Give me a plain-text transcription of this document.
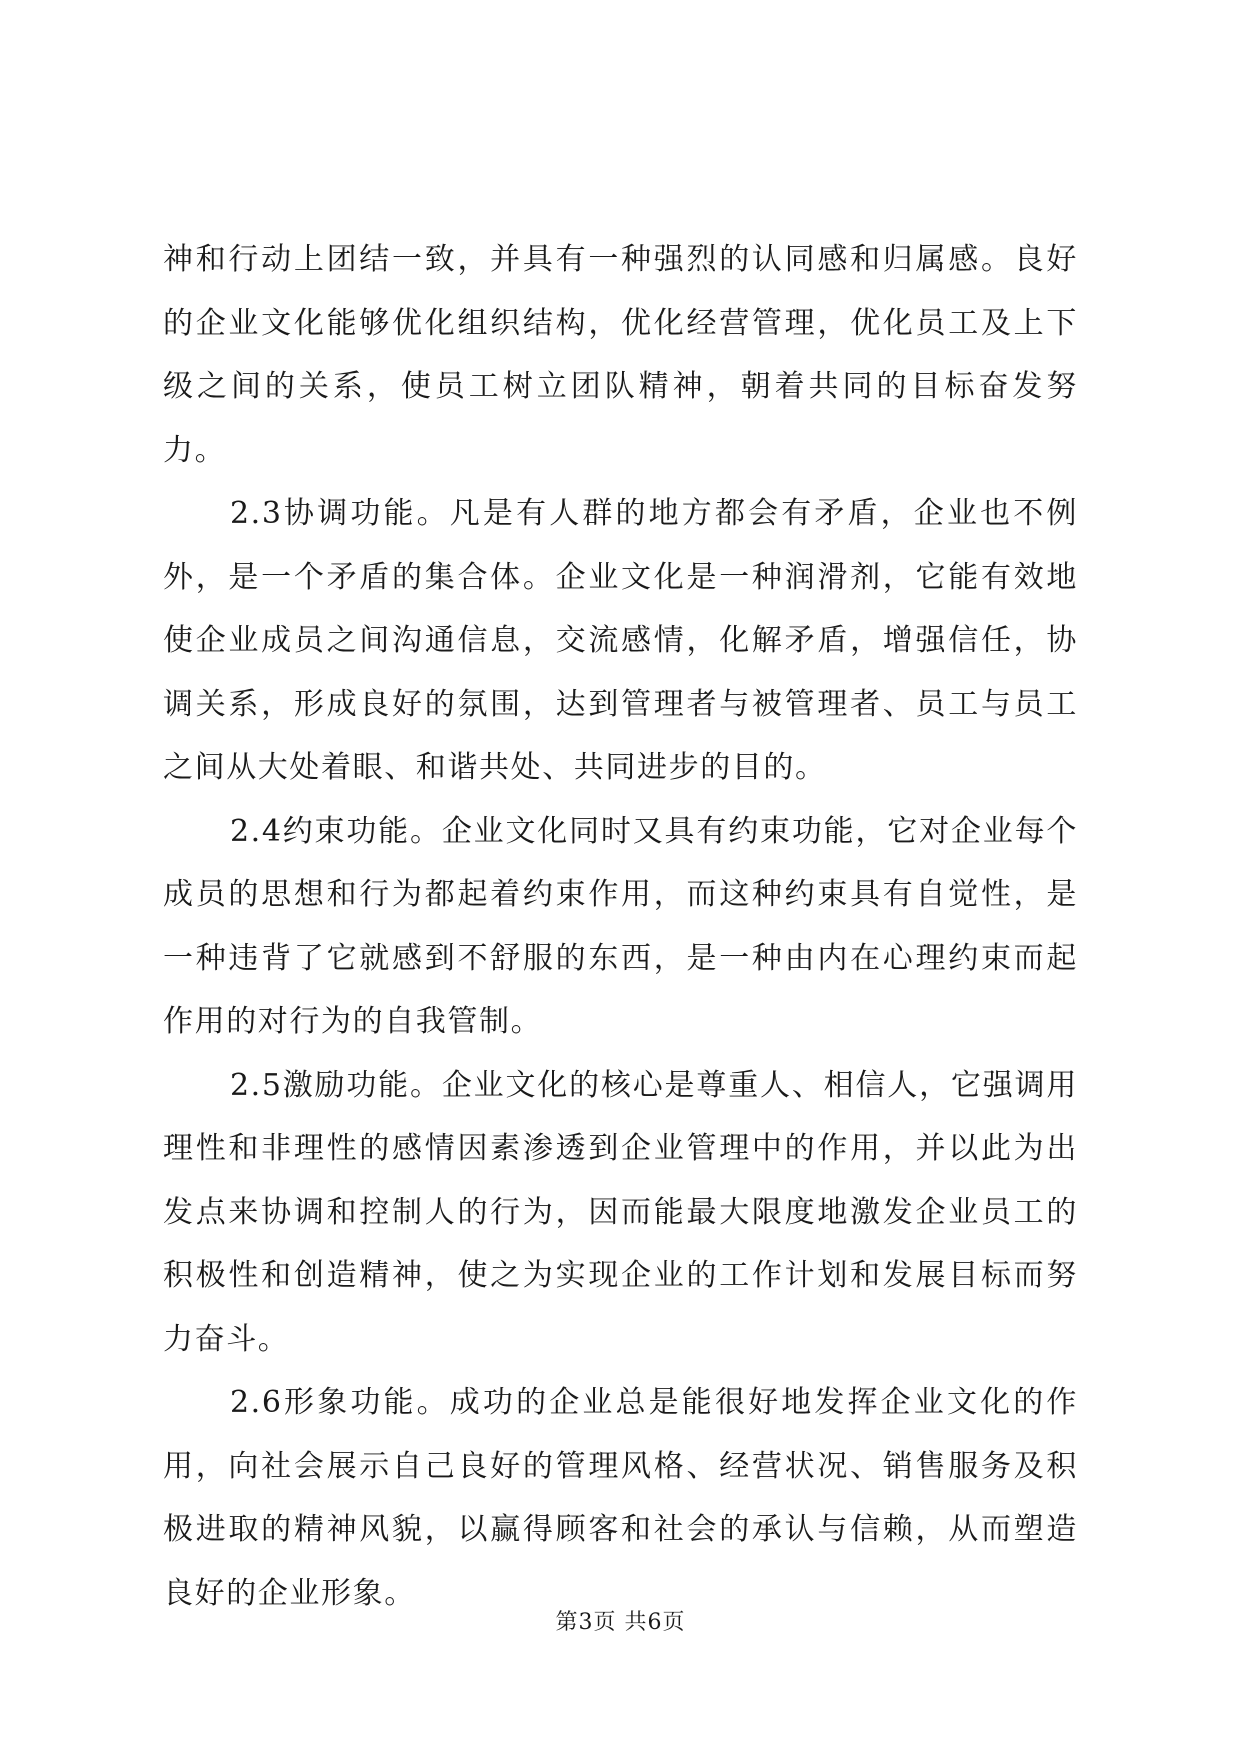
神和行动上团结一致，并具有一种强烈的认同感和归属感。良好的企业文化能够优化组织结构，优化经营管理，优化员工及上下级之间的关系，使员工树立团队精神，朝着共同的目标奋发努力。

2.3协调功能。凡是有人群的地方都会有矛盾，企业也不例外，是一个矛盾的集合体。企业文化是一种润滑剂，它能有效地使企业成员之间沟通信息，交流感情，化解矛盾，增强信任，协调关系，形成良好的氛围，达到管理者与被管理者、员工与员工之间从大处着眼、和谐共处、共同进步的目的。

2.4约束功能。企业文化同时又具有约束功能，它对企业每个成员的思想和行为都起着约束作用，而这种约束具有自觉性，是一种违背了它就感到不舒服的东西，是一种由内在心理约束而起作用的对行为的自我管制。

2.5激励功能。企业文化的核心是尊重人、相信人，它强调用理性和非理性的感情因素渗透到企业管理中的作用，并以此为出发点来协调和控制人的行为，因而能最大限度地激发企业员工的积极性和创造精神，使之为实现企业的工作计划和发展目标而努力奋斗。

2.6形象功能。成功的企业总是能很好地发挥企业文化的作用，向社会展示自己良好的管理风格、经营状况、销售服务及积极进取的精神风貌，以赢得顾客和社会的承认与信赖，从而塑造良好的企业形象。

第3页 共6页
